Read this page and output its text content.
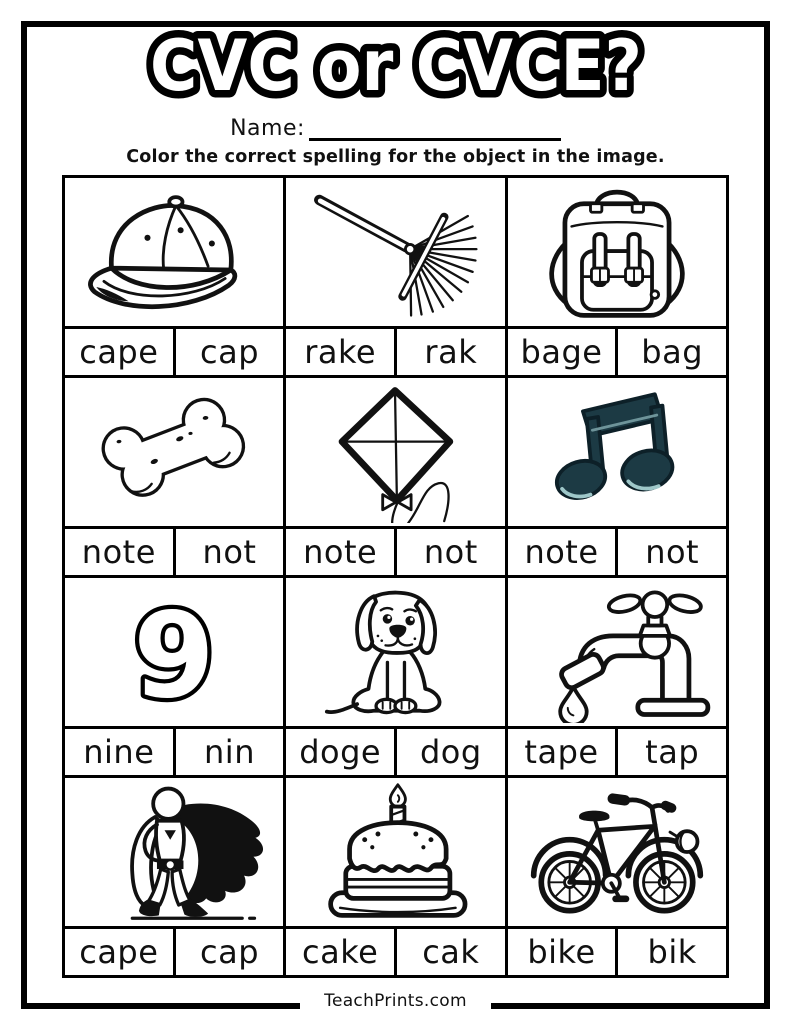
CVC or CVCE?
Name:
Color the correct spelling for the object in the image.
cape	cap	rake	rak	bage	bag
note	not	note	not	note	not
9
nine	nin	doge	dog	tape	tap
cape	cap	cake	cak	bike	bik
TeachPrints.com
